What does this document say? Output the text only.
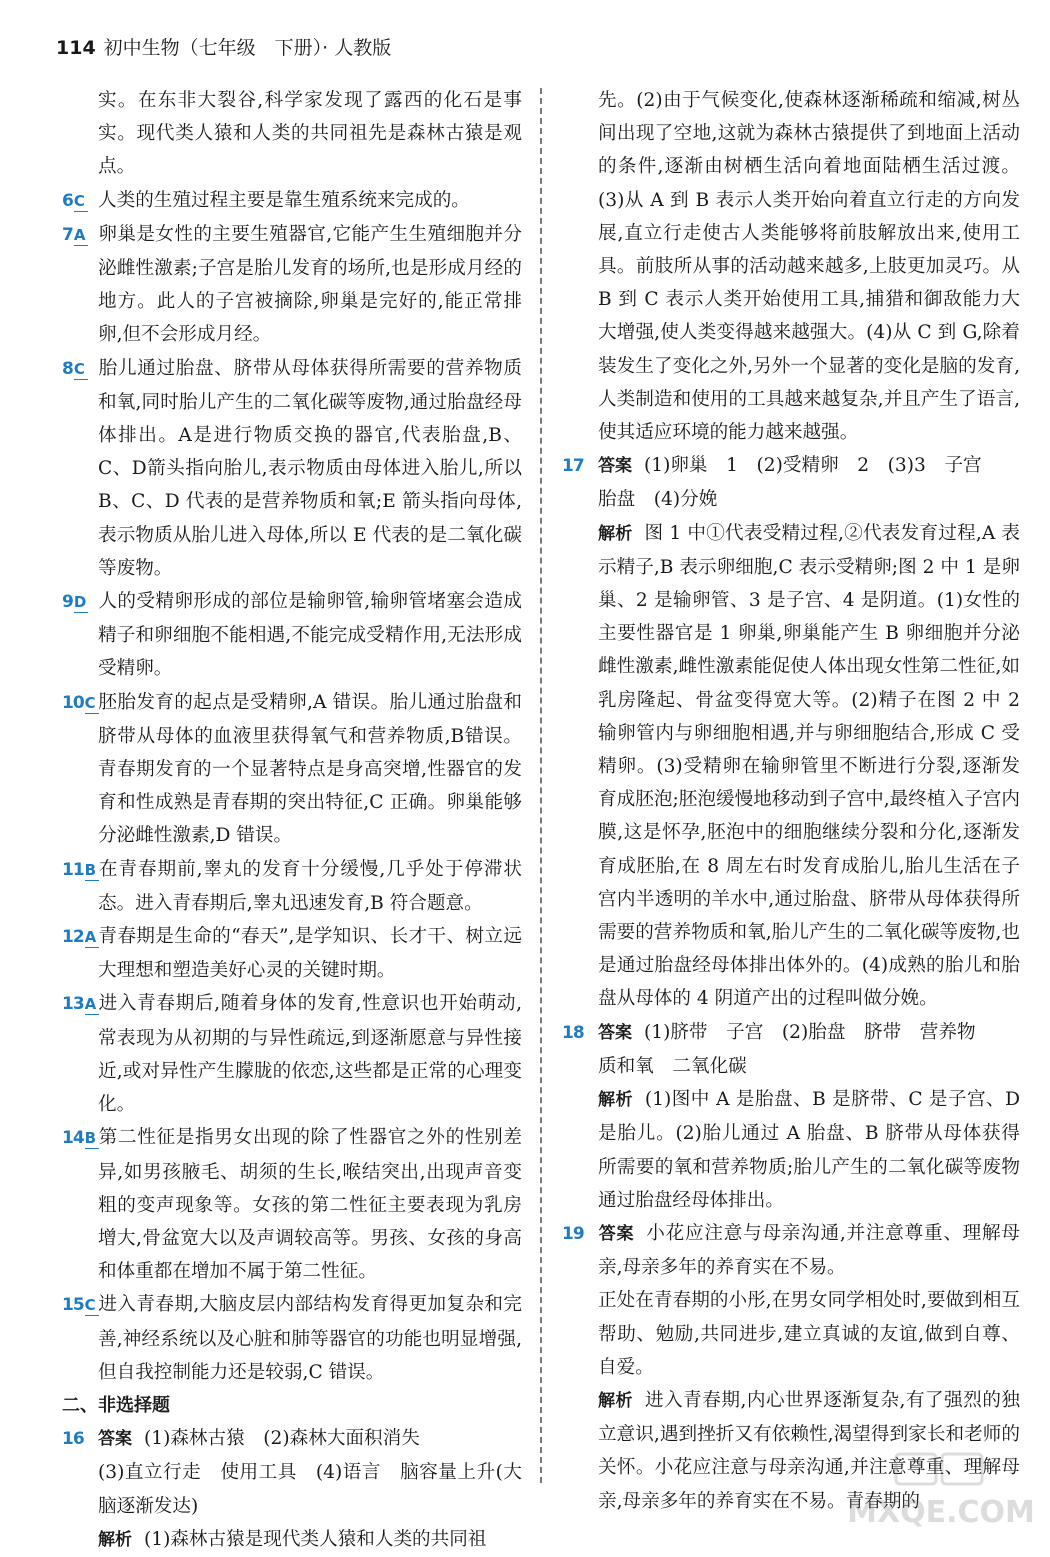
114 初中生物（七年级　下册）· 人教版

实。在东非大裂谷,科学家发现了露西的化石是事实。现代类人猿和人类的共同祖先是森林古猿是观点。

6C 人类的生殖过程主要是靠生殖系统来完成的。

7A 卵巢是女性的主要生殖器官,它能产生生殖细胞并分泌雌性激素;子宫是胎儿发育的场所,也是形成月经的地方。此人的子宫被摘除,卵巢是完好的,能正常排卵,但不会形成月经。

8C 胎儿通过胎盘、脐带从母体获得所需要的营养物质和氧,同时胎儿产生的二氧化碳等废物,通过胎盘经母体排出。A是进行物质交换的器官,代表胎盘,B、C、D箭头指向胎儿,表示物质由母体进入胎儿,所以 B、C、D 代表的是营养物质和氧;E 箭头指向母体,表示物质从胎儿进入母体,所以 E 代表的是二氧化碳等废物。

9D 人的受精卵形成的部位是输卵管,输卵管堵塞会造成精子和卵细胞不能相遇,不能完成受精作用,无法形成受精卵。

10C 胚胎发育的起点是受精卵,A 错误。胎儿通过胎盘和脐带从母体的血液里获得氧气和营养物质,B错误。青春期发育的一个显著特点是身高突增,性器官的发育和性成熟是青春期的突出特征,C 正确。卵巢能够分泌雌性激素,D 错误。

11B 在青春期前,睾丸的发育十分缓慢,几乎处于停滞状态。进入青春期后,睾丸迅速发育,B 符合题意。

12A青春期是生命的“春天”,是学知识、长才干、树立远大理想和塑造美好心灵的关键时期。

13A进入青春期后,随着身体的发育,性意识也开始萌动,常表现为从初期的与异性疏远,到逐渐愿意与异性接近,或对异性产生朦胧的依恋,这些都是正常的心理变化。

14B 第二性征是指男女出现的除了性器官之外的性别差异,如男孩腋毛、胡须的生长,喉结突出,出现声音变粗的变声现象等。女孩的第二性征主要表现为乳房增大,骨盆宽大以及声调较高等。男孩、女孩的身高和体重都在增加不属于第二性征。

15C 进入青春期,大脑皮层内部结构发育得更加复杂和完善,神经系统以及心脏和肺等器官的功能也明显增强,但自我控制能力还是较弱,C 错误。

二、非选择题

16 答案 (1)森林古猿　(2)森林大面积消失

(3)直立行走　使用工具　(4)语言　脑容量上升(大脑逐渐发达)

解析 (1)森林古猿是现代类人猿和人类的共同祖

先。(2)由于气候变化,使森林逐渐稀疏和缩减,树丛间出现了空地,这就为森林古猿提供了到地面上活动的条件,逐渐由树栖生活向着地面陆栖生活过渡。(3)从 A 到 B 表示人类开始向着直立行走的方向发展,直立行走使古人类能够将前肢解放出来,使用工具。前肢所从事的活动越来越多,上肢更加灵巧。从 B 到 C 表示人类开始使用工具,捕猎和御敌能力大大增强,使人类变得越来越强大。(4)从 C 到 G,除着装发生了变化之外,另外一个显著的变化是脑的发育,人类制造和使用的工具越来越复杂,并且产生了语言,使其适应环境的能力越来越强。

17 答案 (1)卵巢　1　(2)受精卵　2　(3)3　子宫

胎盘　(4)分娩

解析 图 1 中①代表受精过程,②代表发育过程,A 表示精子,B 表示卵细胞,C 表示受精卵;图 2 中 1 是卵巢、2 是输卵管、3 是子宫、4 是阴道。(1)女性的主要性器官是 1 卵巢,卵巢能产生 B 卵细胞并分泌雌性激素,雌性激素能促使人体出现女性第二性征,如乳房隆起、骨盆变得宽大等。(2)精子在图 2 中 2 输卵管内与卵细胞相遇,并与卵细胞结合,形成 C 受精卵。(3)受精卵在输卵管里不断进行分裂,逐渐发育成胚泡;胚泡缓慢地移动到子宫中,最终植入子宫内膜,这是怀孕,胚泡中的细胞继续分裂和分化,逐渐发育成胚胎,在 8 周左右时发育成胎儿,胎儿生活在子宫内半透明的羊水中,通过胎盘、脐带从母体获得所需要的营养物质和氧,胎儿产生的二氧化碳等废物,也是通过胎盘经母体排出体外的。(4)成熟的胎儿和胎盘从母体的 4 阴道产出的过程叫做分娩。

18 答案 (1)脐带　子宫　(2)胎盘　脐带　营养物

质和氧　二氧化碳

解析 (1)图中 A 是胎盘、B 是脐带、C 是子宫、D 是胎儿。(2)胎儿通过 A 胎盘、B 脐带从母体获得所需要的氧和营养物质;胎儿产生的二氧化碳等废物通过胎盘经母体排出。

19 答案 小花应注意与母亲沟通,并注意尊重、理解母亲,母亲多年的养育实在不易。

正处在青春期的小彤,在男女同学相处时,要做到相互帮助、勉励,共同进步,建立真诚的友谊,做到自尊、自爱。

解析 进入青春期,内心世界逐渐复杂,有了强烈的独立意识,遇到挫折又有依赖性,渴望得到家长和老师的关怀。小花应注意与母亲沟通,并注意尊重、理解母亲,母亲多年的养育实在不易。青春期的

MXQE.COM
